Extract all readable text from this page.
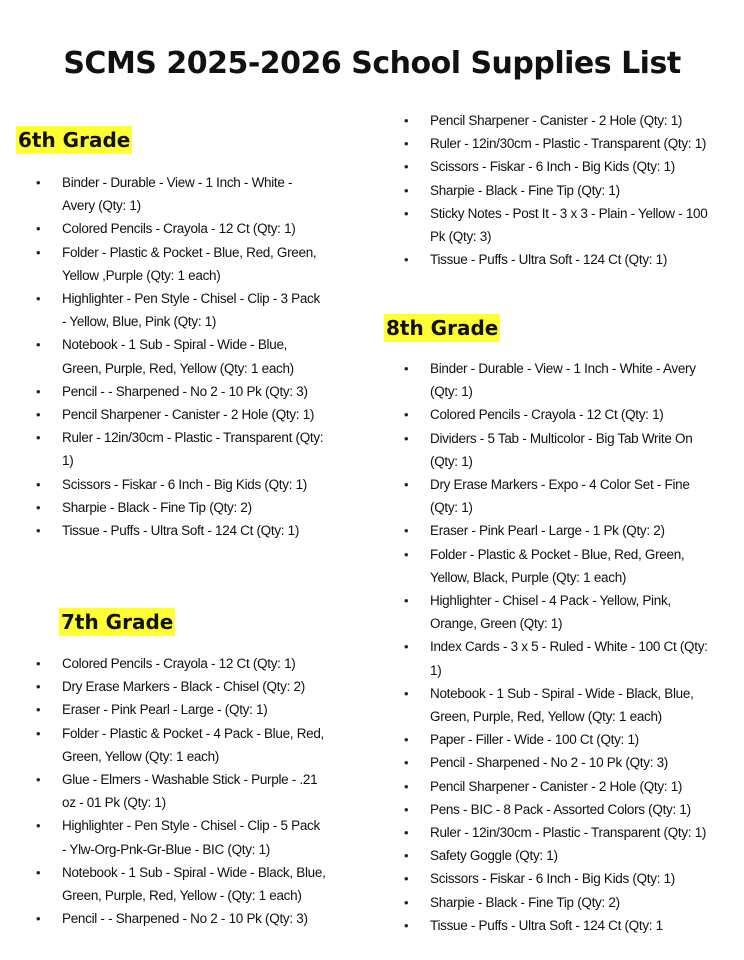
SCMS 2025-2026 School Supplies List
6th Grade
• Binder - Durable - View - 1 Inch - White - Avery (Qty: 1)
• Colored Pencils - Crayola - 12 Ct (Qty: 1)
• Folder - Plastic & Pocket - Blue, Red, Green, Yellow ,Purple (Qty: 1 each)
• Highlighter - Pen Style - Chisel - Clip - 3 Pack - Yellow, Blue, Pink (Qty: 1)
• Notebook - 1 Sub - Spiral - Wide - Blue, Green, Purple, Red, Yellow (Qty: 1 each)
• Pencil - - Sharpened - No 2 - 10 Pk (Qty: 3)
• Pencil Sharpener - Canister - 2 Hole (Qty: 1)
• Ruler - 12in/30cm - Plastic - Transparent (Qty: 1)
• Scissors - Fiskar - 6 Inch - Big Kids (Qty: 1)
• Sharpie - Black - Fine Tip (Qty: 2)
• Tissue - Puffs - Ultra Soft - 124 Ct (Qty: 1)
7th Grade
• Colored Pencils - Crayola - 12 Ct (Qty: 1)
• Dry Erase Markers - Black - Chisel (Qty: 2)
• Eraser - Pink Pearl - Large - (Qty: 1)
• Folder - Plastic & Pocket - 4 Pack - Blue, Red, Green, Yellow (Qty: 1 each)
• Glue - Elmers - Washable Stick - Purple - .21 oz - 01 Pk (Qty: 1)
• Highlighter - Pen Style - Chisel - Clip - 5 Pack - Ylw-Org-Pnk-Gr-Blue - BIC (Qty: 1)
• Notebook - 1 Sub - Spiral - Wide - Black, Blue, Green, Purple, Red, Yellow - (Qty: 1 each)
• Pencil - - Sharpened - No 2 - 10 Pk (Qty: 3)
• Pencil Sharpener - Canister - 2 Hole (Qty: 1)
• Ruler - 12in/30cm - Plastic - Transparent (Qty: 1)
• Scissors - Fiskar - 6 Inch - Big Kids (Qty: 1)
• Sharpie - Black - Fine Tip (Qty: 1)
• Sticky Notes - Post It - 3 x 3 - Plain - Yellow - 100 Pk (Qty: 3)
• Tissue - Puffs - Ultra Soft - 124 Ct (Qty: 1)
8th Grade
• Binder - Durable - View - 1 Inch - White - Avery (Qty: 1)
• Colored Pencils - Crayola - 12 Ct (Qty: 1)
• Dividers - 5 Tab - Multicolor - Big Tab Write On (Qty: 1)
• Dry Erase Markers - Expo - 4 Color Set - Fine (Qty: 1)
• Eraser - Pink Pearl - Large - 1 Pk (Qty: 2)
• Folder - Plastic & Pocket - Blue, Red, Green, Yellow, Black, Purple (Qty: 1 each)
• Highlighter - Chisel - 4 Pack - Yellow, Pink, Orange, Green (Qty: 1)
• Index Cards - 3 x 5 - Ruled - White - 100 Ct (Qty: 1)
• Notebook - 1 Sub - Spiral - Wide - Black, Blue, Green, Purple, Red, Yellow (Qty: 1 each)
• Paper - Filler - Wide - 100 Ct (Qty: 1)
• Pencil - Sharpened - No 2 - 10 Pk (Qty: 3)
• Pencil Sharpener - Canister - 2 Hole (Qty: 1)
• Pens - BIC - 8 Pack - Assorted Colors (Qty: 1)
• Ruler - 12in/30cm - Plastic - Transparent (Qty: 1)
• Safety Goggle (Qty: 1)
• Scissors - Fiskar - 6 Inch - Big Kids (Qty: 1)
• Sharpie - Black - Fine Tip (Qty: 2)
• Tissue - Puffs - Ultra Soft - 124 Ct (Qty: 1
